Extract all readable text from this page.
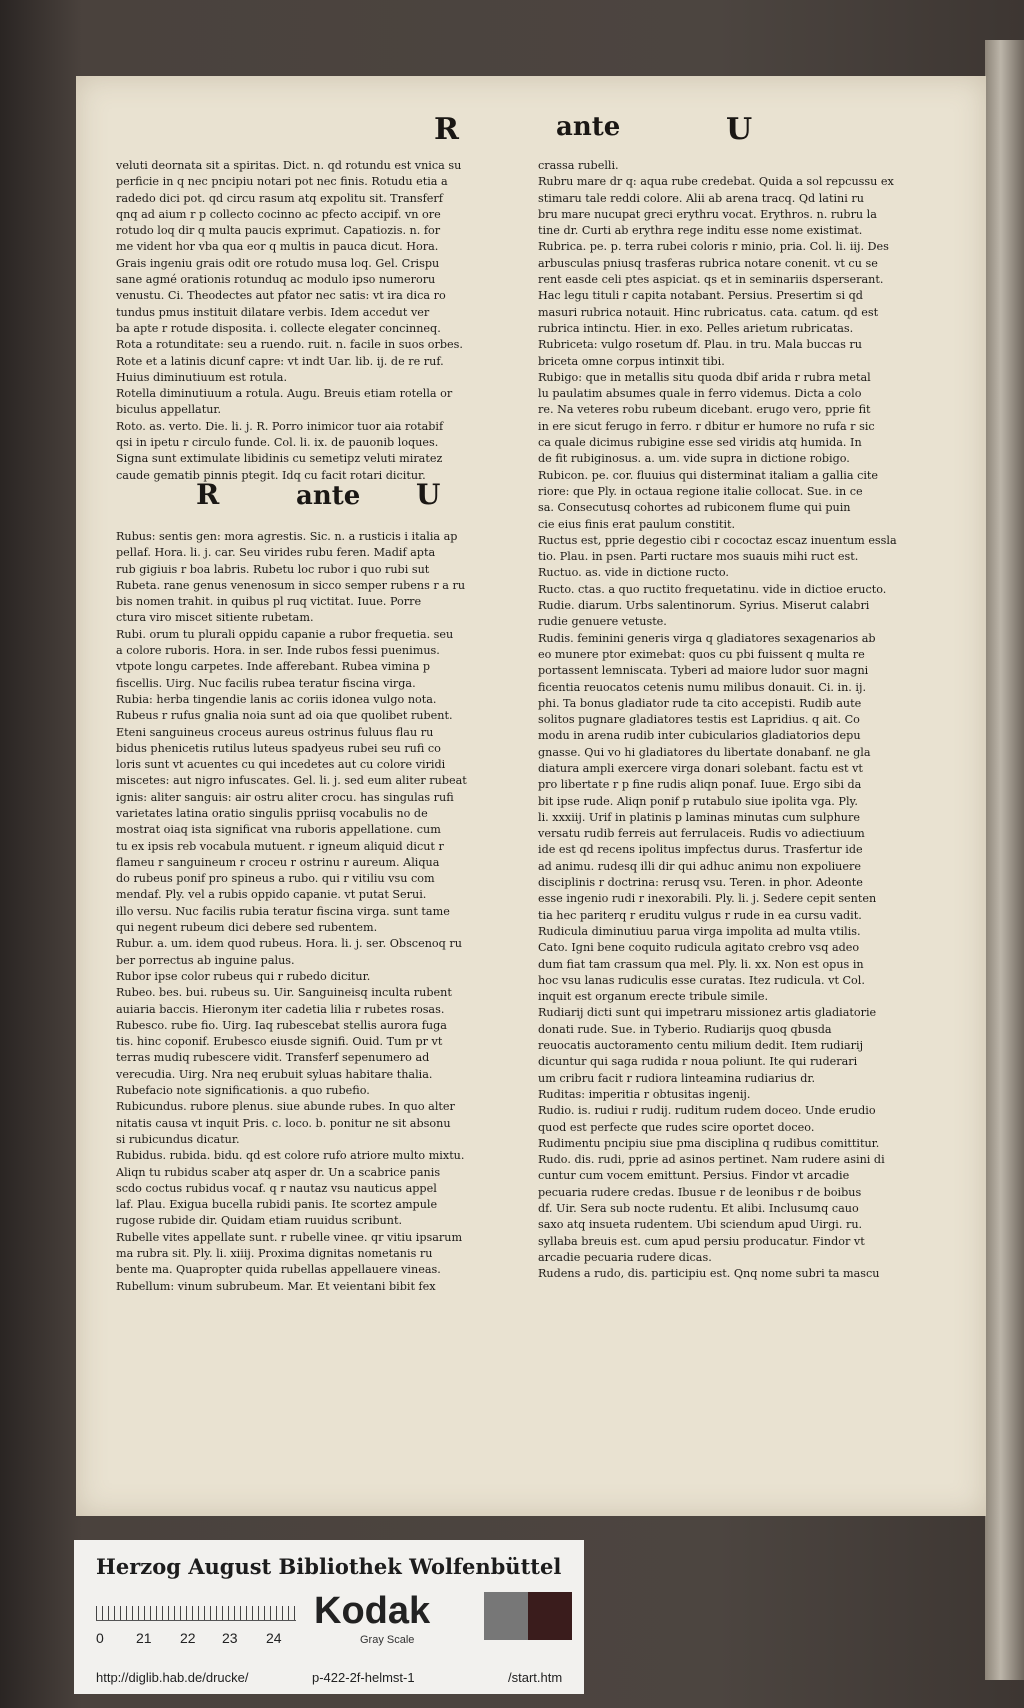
R	ante	U

veluti deornata sit a spiritas. Dict. n. qd rotundu est vnica su

perficie in q nec pncipiu notari pot nec finis. Rotudu etia a

radedo dici pot. qd circu rasum atq expolitu sit. Transferf

qnq ad aium r p collecto cocinno ac pfecto accipif. vn ore

rotudo loq dir q multa paucis exprimut. Capatiozis. n. for

me vident hor vba qua eor q multis in pauca dicut. Hora.

Grais ingeniu grais odit ore rotudo musa loq. Gel. Crispu

sane agmé orationis rotunduq ac modulo ipso numeroru

venustu. Ci. Theodectes aut pfator nec satis: vt ira dica ro

tundus pmus instituit dilatare verbis. Idem accedut ver

ba apte r rotude disposita. i. collecte elegater concinneq.

Rota a rotunditate: seu a ruendo. ruit. n. facile in suos orbes.

Rote et a latinis dicunf capre: vt indt Uar. lib. ij. de re ruf.

Huius diminutiuum est rotula.

Rotella diminutiuum a rotula. Augu. Breuis etiam rotella or

biculus appellatur.

Roto. as. verto. Die. li. j. R. Porro inimicor tuor aia rotabif

qsi in ipetu r circulo funde. Col. li. ix. de pauonib loques.

Signa sunt extimulate libidinis cu semetipz veluti miratez

caude gematib pinnis ptegit. Idq cu facit rotari dicitur.

R	ante U

Rubus: sentis gen: mora agrestis. Sic. n. a rusticis i italia ap

pellaf. Hora. li. j. car. Seu virides rubu feren. Madif apta

rub gigiuis r boa labris. Rubetu loc rubor i quo rubi sut

Rubeta. rane genus venenosum in sicco semper rubens r a ru

bis nomen trahit. in quibus pl ruq victitat. Iuue. Porre

ctura viro miscet sitiente rubetam.

Rubi. orum tu plurali oppidu capanie a rubor frequetia. seu

a colore ruboris. Hora. in ser. Inde rubos fessi puenimus.

vtpote longu carpetes. Inde afferebant. Rubea vimina p

fiscellis. Uirg. Nuc facilis rubea teratur fiscina virga.

Rubia: herba tingendie lanis ac coriis idonea vulgo nota.

Rubeus r rufus gnalia noia sunt ad oia que quolibet rubent.

Eteni sanguineus croceus aureus ostrinus fuluus flau ru

bidus phenicetis rutilus luteus spadyeus rubei seu rufi co

loris sunt vt acuentes cu qui incedetes aut cu colore viridi

miscetes: aut nigro infuscates. Gel. li. j. sed eum aliter rubeat

ignis: aliter sanguis: air ostru aliter crocu. has singulas rufi

varietates latina oratio singulis ppriisq vocabulis no de

mostrat oiaq ista significat vna ruboris appellatione. cum

tu ex ipsis reb vocabula mutuent. r igneum aliquid dicut r

flameu r sanguineum r croceu r ostrinu r aureum. Aliqua

do rubeus ponif pro spineus a rubo. qui r vitiliu vsu com

mendaf. Ply. vel a rubis oppido capanie. vt putat Serui.

illo versu. Nuc facilis rubia teratur fiscina virga. sunt tame

qui negent rubeum dici debere sed rubentem.

Rubur. a. um. idem quod rubeus. Hora. li. j. ser. Obscenoq ru

ber porrectus ab inguine palus.

Rubor ipse color rubeus qui r rubedo dicitur.

Rubeo. bes. bui. rubeus su. Uir. Sanguineisq inculta rubent

auiaria baccis. Hieronym iter cadetia lilia r rubetes rosas.

Rubesco. rube fio. Uirg. Iaq rubescebat stellis aurora fuga

tis. hinc coponif. Erubesco eiusde signifi. Ouid. Tum pr vt

terras mudiq rubescere vidit. Transferf sepenumero ad

verecudia. Uirg. Nra neq erubuit syluas habitare thalia.

Rubefacio note significationis. a quo rubefio.

Rubicundus. rubore plenus. siue abunde rubes. In quo alter

nitatis causa vt inquit Pris. c. loco. b. ponitur ne sit absonu

si rubicundus dicatur.

Rubidus. rubida. bidu. qd est colore rufo atriore multo mixtu.

Aliqn tu rubidus scaber atq asper dr. Un a scabrice panis

scdo coctus rubidus vocaf. q r nautaz vsu nauticus appel

laf. Plau. Exigua bucella rubidi panis. Ite scortez ampule

rugose rubide dir. Quidam etiam ruuidus scribunt.

Rubelle vites appellate sunt. r rubelle vinee. qr vitiu ipsarum

ma rubra sit. Ply. li. xiiij. Proxima dignitas nometanis ru

bente ma. Quapropter quida rubellas appellauere vineas.

Rubellum: vinum subrubeum. Mar. Et veientani bibit fex

crassa rubelli.

Rubru mare dr q: aqua rube credebat. Quida a sol repcussu ex

stimaru tale reddi colore. Alii ab arena tracq. Qd latini ru

bru mare nucupat greci erythru vocat. Erythros. n. rubru la

tine dr. Curti ab erythra rege inditu esse nome existimat.

Rubrica. pe. p. terra rubei coloris r minio, pria. Col. li. iij. Des

arbusculas pniusq trasferas rubrica notare conenit. vt cu se

rent easde celi ptes aspiciat. qs et in seminariis dsperserant.

Hac legu tituli r capita notabant. Persius. Presertim si qd

masuri rubrica notauit. Hinc rubricatus. cata. catum. qd est

rubrica intinctu. Hier. in exo. Pelles arietum rubricatas.

Rubriceta: vulgo rosetum df. Plau. in tru. Mala buccas ru

briceta omne corpus intinxit tibi.

Rubigo: que in metallis situ quoda dbif arida r rubra metal

lu paulatim absumes quale in ferro videmus. Dicta a colo

re. Na veteres robu rubeum dicebant. erugo vero, pprie fit

in ere sicut ferugo in ferro. r dbitur er humore no rufa r sic

ca quale dicimus rubigine esse sed viridis atq humida. In

de fit rubiginosus. a. um. vide supra in dictione robigo.

Rubicon. pe. cor. fluuius qui disterminat italiam a gallia cite

riore: que Ply. in octaua regione italie collocat. Sue. in ce

sa. Consecutusq cohortes ad rubiconem flume qui puin

cie eius finis erat paulum constitit.

Ructus est, pprie degestio cibi r cococtaz escaz inuentum essla

tio. Plau. in psen. Parti ructare mos suauis mihi ruct est.

Ructuo. as. vide in dictione ructo.

Ructo. ctas. a quo ructito frequetatinu. vide in dictioe eructo.

Rudie. diarum. Urbs salentinorum. Syrius. Miserut calabri

rudie genuere vetuste.

Rudis. feminini generis virga q gladiatores sexagenarios ab

eo munere ptor eximebat: quos cu pbi fuissent q multa re

portassent lemniscata. Tyberi ad maiore ludor suor magni

ficentia reuocatos cetenis numu milibus donauit. Ci. in. ij.

phi. Ta bonus gladiator rude ta cito accepisti. Rudib aute

solitos pugnare gladiatores testis est Lapridius. q ait. Co

modu in arena rudib inter cubicularios gladiatorios depu

gnasse. Qui vo hi gladiatores du libertate donabanf. ne gla

diatura ampli exercere virga donari solebant. factu est vt

pro libertate r p fine rudis aliqn ponaf. Iuue. Ergo sibi da

bit ipse rude. Aliqn ponif p rutabulo siue ipolita vga. Ply.

li. xxxiij. Urif in platinis p laminas minutas cum sulphure

versatu rudib ferreis aut ferrulaceis. Rudis vo adiectiuum

ide est qd recens ipolitus impfectus durus. Trasfertur ide

ad animu. rudesq illi dir qui adhuc animu non expoliuere

disciplinis r doctrina: rerusq vsu. Teren. in phor. Adeonte

esse ingenio rudi r inexorabili. Ply. li. j. Sedere cepit senten

tia hec pariterq r eruditu vulgus r rude in ea cursu vadit.

Rudicula diminutiuu parua virga impolita ad multa vtilis.

Cato. Igni bene coquito rudicula agitato crebro vsq adeo

dum fiat tam crassum qua mel. Ply. li. xx. Non est opus in

hoc vsu lanas rudiculis esse curatas. Itez rudicula. vt Col.

inquit est organum erecte tribule simile.

Rudiarij dicti sunt qui impetraru missionez artis gladiatorie

donati rude. Sue. in Tyberio. Rudiarijs quoq qbusda

reuocatis auctoramento centu milium dedit. Item rudiarij

dicuntur qui saga rudida r noua poliunt. Ite qui ruderari

um cribru facit r rudiora linteamina rudiarius dr.

Ruditas: imperitia r obtusitas ingenij.

Rudio. is. rudiui r rudij. ruditum rudem doceo. Unde erudio

quod est perfecte que rudes scire oportet doceo.

Rudimentu pncipiu siue pma disciplina q rudibus comittitur.

Rudo. dis. rudi, pprie ad asinos pertinet. Nam rudere asini di

cuntur cum vocem emittunt. Persius. Findor vt arcadie

pecuaria rudere credas. Ibusue r de leonibus r de boibus

df. Uir. Sera sub nocte rudentu. Et alibi. Inclusumq cauo

saxo atq insueta rudentem. Ubi sciendum apud Uirgi. ru.

syllaba breuis est. cum apud persiu producatur. Findor vt

arcadie pecuaria rudere dicas.

Rudens a rudo, dis. participiu est. Qnq nome subri ta mascu

Herzog August Bibliothek Wolfenbüttel
0 21 22 23 24
Kodak
Gray Scale
http://diglib.hab.de/drucke/	p-422-2f-helmst-1	/start.htm
